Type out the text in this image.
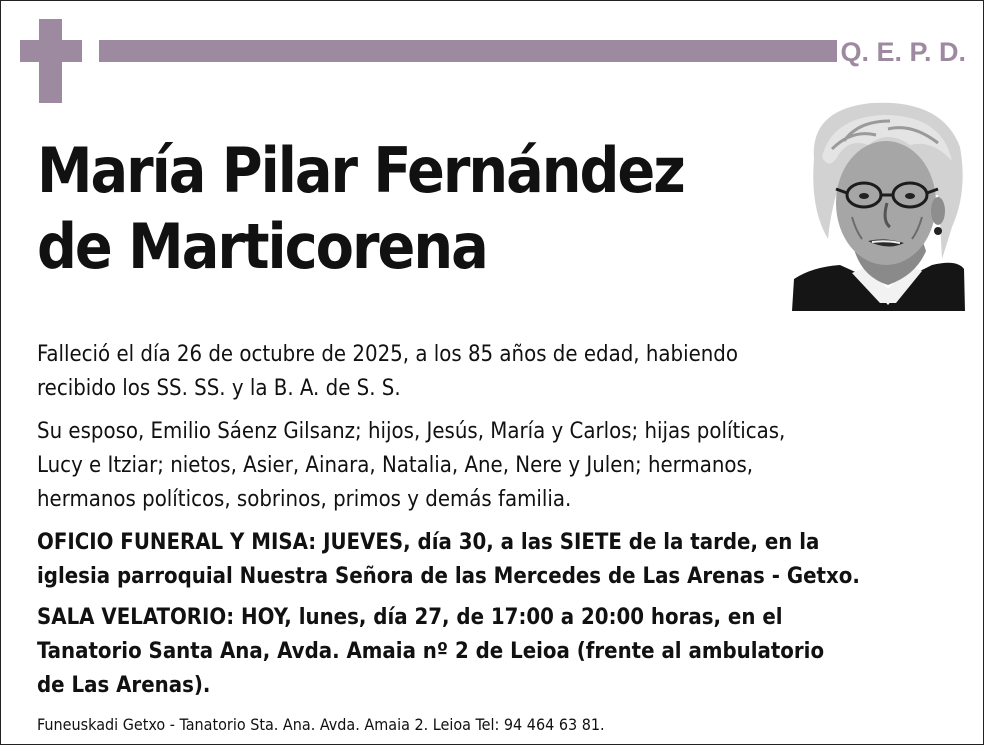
Q. E. P. D.
María Pilar Fernández
de Marticorena

Falleció el día 26 de octubre de 2025, a los 85 años de edad, habiendo
recibido los SS. SS. y la B. A. de S. S.

Su esposo, Emilio Sáenz Gilsanz; hijos, Jesús, María y Carlos; hijas políticas,
Lucy e Itziar; nietos, Asier, Ainara, Natalia, Ane, Nere y Julen; hermanos,
hermanos políticos, sobrinos, primos y demás familia.

OFICIO FUNERAL Y MISA: JUEVES, día 30, a las SIETE de la tarde, en la
iglesia parroquial Nuestra Señora de las Mercedes de Las Arenas - Getxo.

SALA VELATORIO: HOY, lunes, día 27, de 17:00 a 20:00 horas, en el
Tanatorio Santa Ana, Avda. Amaia nº 2 de Leioa (frente al ambulatorio
de Las Arenas).

Funeuskadi Getxo - Tanatorio Sta. Ana. Avda. Amaia 2. Leioa Tel: 94 464 63 81.
